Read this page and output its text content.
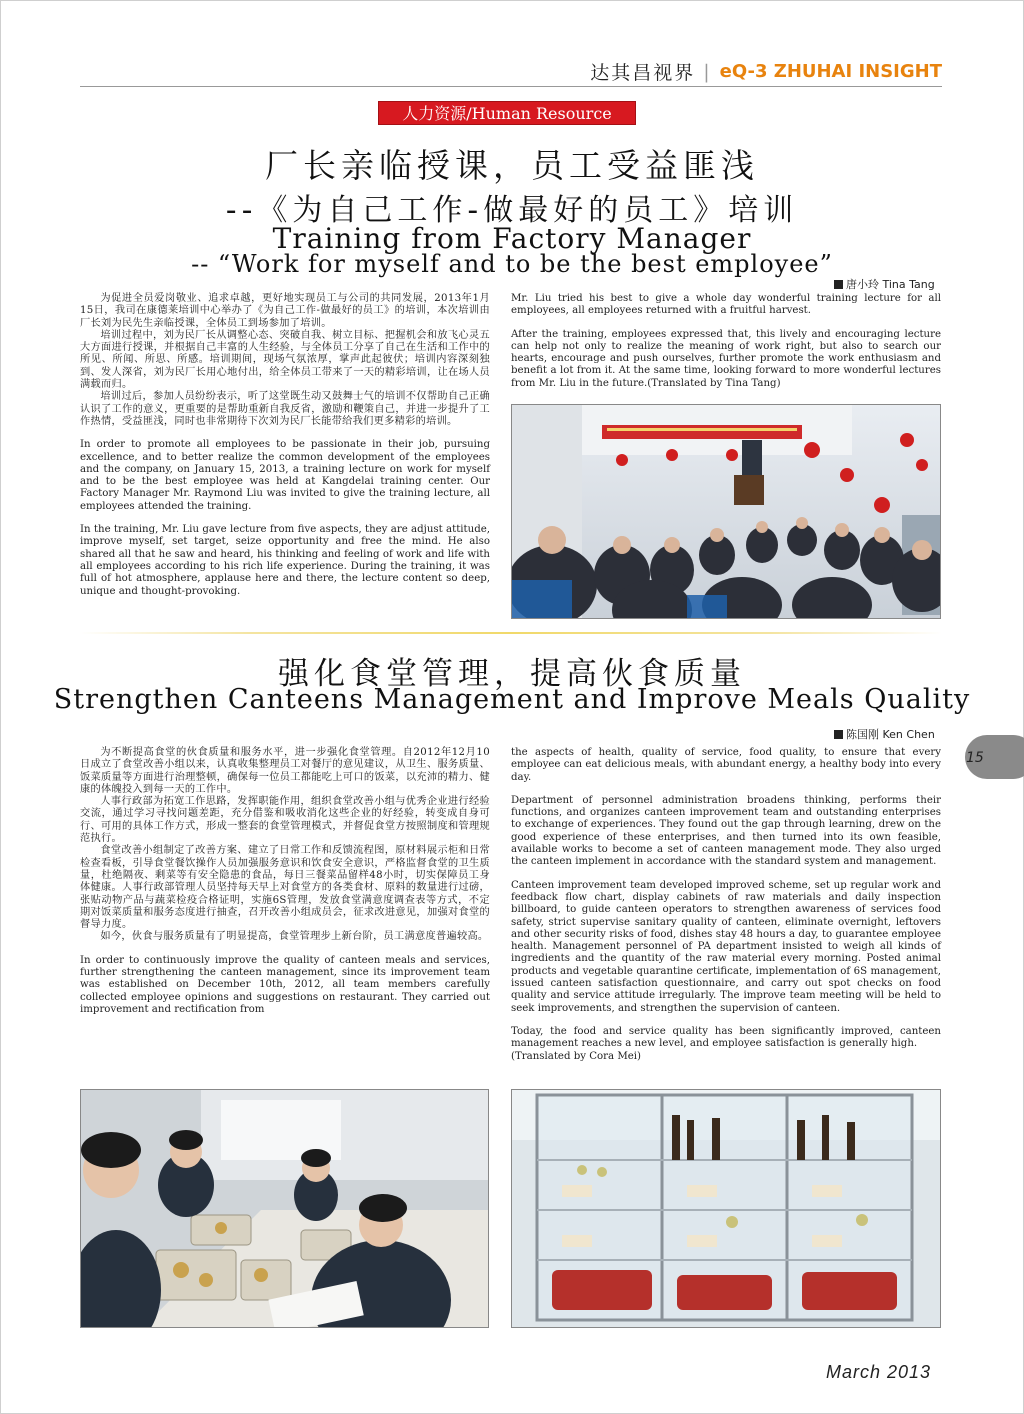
达其昌视界 | eQ-3 ZHUHAI INSIGHT
人力资源/Human Resource
厂长亲临授课，员工受益匪浅
--《为自己工作-做最好的员工》培训
Training from Factory Manager
-- “Work for myself and to be the best employee”
唐小玲 Tina Tang

为促进全员爱岗敬业、追求卓越，更好地实现员工与公司的共同发展，2013年1月15日，我司在康德莱培训中心举办了《为自己工作-做最好的员工》的培训，本次培训由厂长刘为民先生亲临授课，全体员工到场参加了培训。

培训过程中，刘为民厂长从调整心态、突破自我、树立目标、把握机会和放飞心灵五大方面进行授课，并根据自己丰富的人生经验，与全体员工分享了自己在生活和工作中的所见、所闻、所思、所感。培训期间，现场气氛浓厚，掌声此起彼伏；培训内容深刻独到、发人深省，刘为民厂长用心地付出，给全体员工带来了一天的精彩培训，让在场人员满载而归。

培训过后，参加人员纷纷表示，听了这堂既生动又鼓舞士气的培训不仅帮助自己正确认识了工作的意义，更重要的是帮助重新自我反省，激励和鞭策自己，并进一步提升了工作热情，受益匪浅，同时也非常期待下次刘为民厂长能带给我们更多精彩的培训。

In order to promote all employees to be passionate in their job, pursuing excellence, and to better realize the common development of the employees and the company, on January 15, 2013, a training lecture on work for myself and to be the best employee was held at Kangdelai training center. Our Factory Manager Mr. Raymond Liu was invited to give the training lecture, all employees attended the training.

In the training, Mr. Liu gave lecture from five aspects, they are adjust attitude, improve myself, set target, seize opportunity and free the mind. He also shared all that he saw and heard, his thinking and feeling of work and life with all employees according to his rich life experience. During the training, it was full of hot atmosphere, applause here and there, the lecture content so deep, unique and thought-provoking.

Mr. Liu tried his best to give a whole day wonderful training lecture for all employees, all employees returned with a fruitful harvest.

After the training, employees expressed that, this lively and encouraging lecture can help not only to realize the meaning of work right, but also to search our hearts, encourage and push ourselves, further promote the work enthusiasm and benefit a lot from it. At the same time, looking forward to more wonderful lectures from Mr. Liu in the future.(Translated by Tina Tang)

强化食堂管理，提高伙食质量
Strengthen Canteens Management and Improve Meals Quality
陈国刚 Ken Chen

为不断提高食堂的伙食质量和服务水平，进一步强化食堂管理。自2012年12月10日成立了食堂改善小组以来，认真收集整理员工对餐厅的意见建议，从卫生、服务质量、饭菜质量等方面进行治理整顿，确保每一位员工都能吃上可口的饭菜，以充沛的精力、健康的体魄投入到每一天的工作中。

人事行政部为拓宽工作思路，发挥职能作用，组织食堂改善小组与优秀企业进行经验交流，通过学习寻找问题差距，充分借鉴和吸收消化这些企业的好经验，转变成自身可行、可用的具体工作方式，形成一整套的食堂管理模式，并督促食堂方按照制度和管理规范执行。

食堂改善小组制定了改善方案、建立了日常工作和反馈流程图，原材料展示柜和日常检查看板，引导食堂餐饮操作人员加强服务意识和饮食安全意识，严格监督食堂的卫生质量，杜绝隔夜、剩菜等有安全隐患的食品，每日三餐菜品留样48小时，切实保障员工身体健康。人事行政部管理人员坚持每天早上对食堂方的各类食材、原料的数量进行过磅，张贴动物产品与蔬菜检疫合格证明，实施6S管理，发放食堂满意度调查表等方式，不定期对饭菜质量和服务态度进行抽查，召开改善小组成员会，征求改进意见，加强对食堂的督导力度。

如今，伙食与服务质量有了明显提高，食堂管理步上新台阶，员工满意度普遍较高。

In order to continuously improve the quality of canteen meals and services, further strengthening the canteen management, since its improvement team was established on December 10th, 2012, all team members carefully collected employee opinions and suggestions on restaurant. They carried out improvement and rectification from

the aspects of health, quality of service, food quality, to ensure that every employee can eat delicious meals, with abundant energy, a healthy body into every day.

Department of personnel administration broadens thinking, performs their functions, and organizes canteen improvement team and outstanding enterprises to exchange of experiences. They found out the gap through learning, drew on the good experience of these enterprises, and then turned into its own feasible, available works to become a set of canteen management mode. They also urged the canteen implement in accordance with the standard system and management.

Canteen improvement team developed improved scheme, set up regular work and feedback flow chart, display cabinets of raw materials and daily inspection billboard, to guide canteen operators to strengthen awareness of services food safety, strict supervise sanitary quality of canteen, eliminate overnight, leftovers and other security risks of food, dishes stay 48 hours a day, to guarantee employee health. Management personnel of PA department insisted to weigh all kinds of ingredients and the quantity of the raw material every morning. Posted animal products and vegetable quarantine certificate, implementation of 6S management, issued canteen satisfaction questionnaire, and carry out spot checks on food quality and service attitude irregularly. The improve team meeting will be held to seek improvements, and strengthen the supervision of canteen.

Today, the food and service quality has been significantly improved, canteen management reaches a new level, and employee satisfaction is generally high.

(Translated by Cora Mei)

15
March 2013
